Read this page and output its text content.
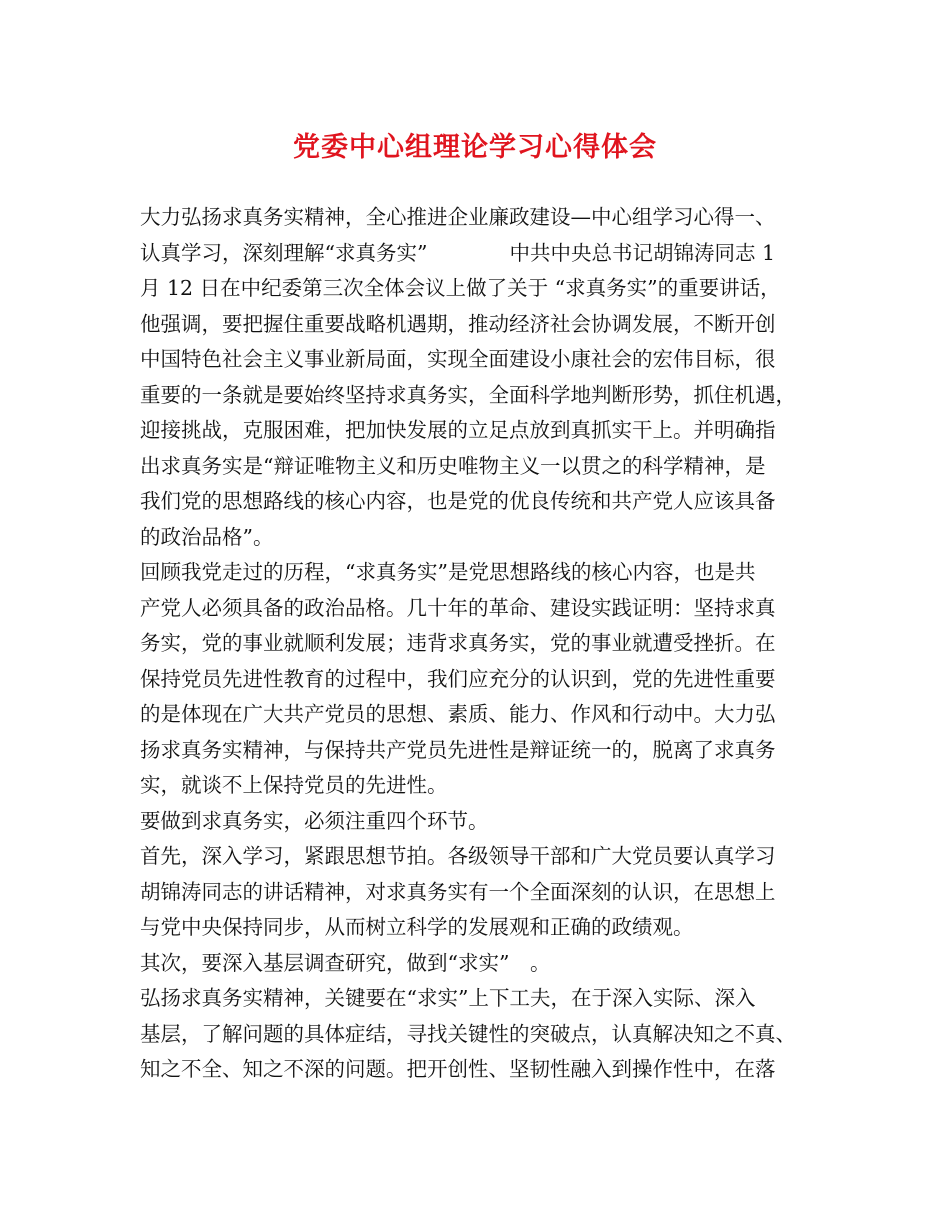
党委中心组理论学习心得体会
大力弘扬求真务实精神，全心推进企业廉政建设—中心组学习心得一、
认真学习，深刻理解“求真务实”　　　　中共中央总书记胡锦涛同志 1
月 12 日在中纪委第三次全体会议上做了关于 “求真务实”的重要讲话，
他强调，要把握住重要战略机遇期，推动经济社会协调发展，不断开创
中国特色社会主义事业新局面，实现全面建设小康社会的宏伟目标，很
重要的一条就是要始终坚持求真务实，全面科学地判断形势，抓住机遇，
迎接挑战，克服困难，把加快发展的立足点放到真抓实干上。并明确指
出求真务实是“辩证唯物主义和历史唯物主义一以贯之的科学精神，是
我们党的思想路线的核心内容，也是党的优良传统和共产党人应该具备
的政治品格”。
回顾我党走过的历程，“求真务实”是党思想路线的核心内容，也是共
产党人必须具备的政治品格。几十年的革命、建设实践证明：坚持求真
务实，党的事业就顺利发展；违背求真务实，党的事业就遭受挫折。在
保持党员先进性教育的过程中，我们应充分的认识到，党的先进性重要
的是体现在广大共产党员的思想、素质、能力、作风和行动中。大力弘
扬求真务实精神，与保持共产党员先进性是辩证统一的，脱离了求真务
实，就谈不上保持党员的先进性。
要做到求真务实，必须注重四个环节。
首先，深入学习，紧跟思想节拍。各级领导干部和广大党员要认真学习
胡锦涛同志的讲话精神，对求真务实有一个全面深刻的认识，在思想上
与党中央保持同步，从而树立科学的发展观和正确的政绩观。
其次，要深入基层调查研究，做到“求实”　。
弘扬求真务实精神，关键要在“求实”上下工夫，在于深入实际、深入
基层，了解问题的具体症结，寻找关键性的突破点，认真解决知之不真、
知之不全、知之不深的问题。把开创性、坚韧性融入到操作性中，在落
